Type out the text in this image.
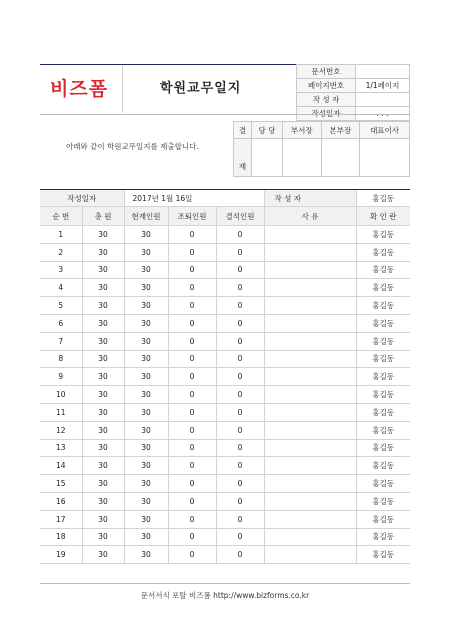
비즈폼	학원교무일지
문서번호	
페이지번호	1/1페이지
작 성 자	
작성일자	. . .
아래와 같이 학원교무일지를 제출합니다.
결	담 당	부서장	본부장	대표이사
재				
작성일자		2017년 1월 16일			작 성 자	홍길동
순 번	총 원	현재인원	조퇴인원	결석인원	사 유	확 인 란
1	30	30	0	0		홍길동
2	30	30	0	0		홍길동
3	30	30	0	0		홍길동
4	30	30	0	0		홍길동
5	30	30	0	0		홍길동
6	30	30	0	0		홍길동
7	30	30	0	0		홍길동
8	30	30	0	0		홍길동
9	30	30	0	0		홍길동
10	30	30	0	0		홍길동
11	30	30	0	0		홍길동
12	30	30	0	0		홍길동
13	30	30	0	0		홍길동
14	30	30	0	0		홍길동
15	30	30	0	0		홍길동
16	30	30	0	0		홍길동
17	30	30	0	0		홍길동
18	30	30	0	0		홍길동
19	30	30	0	0		홍길동
문서서식 포탈 비즈폼 http://www.bizforms.co.kr
